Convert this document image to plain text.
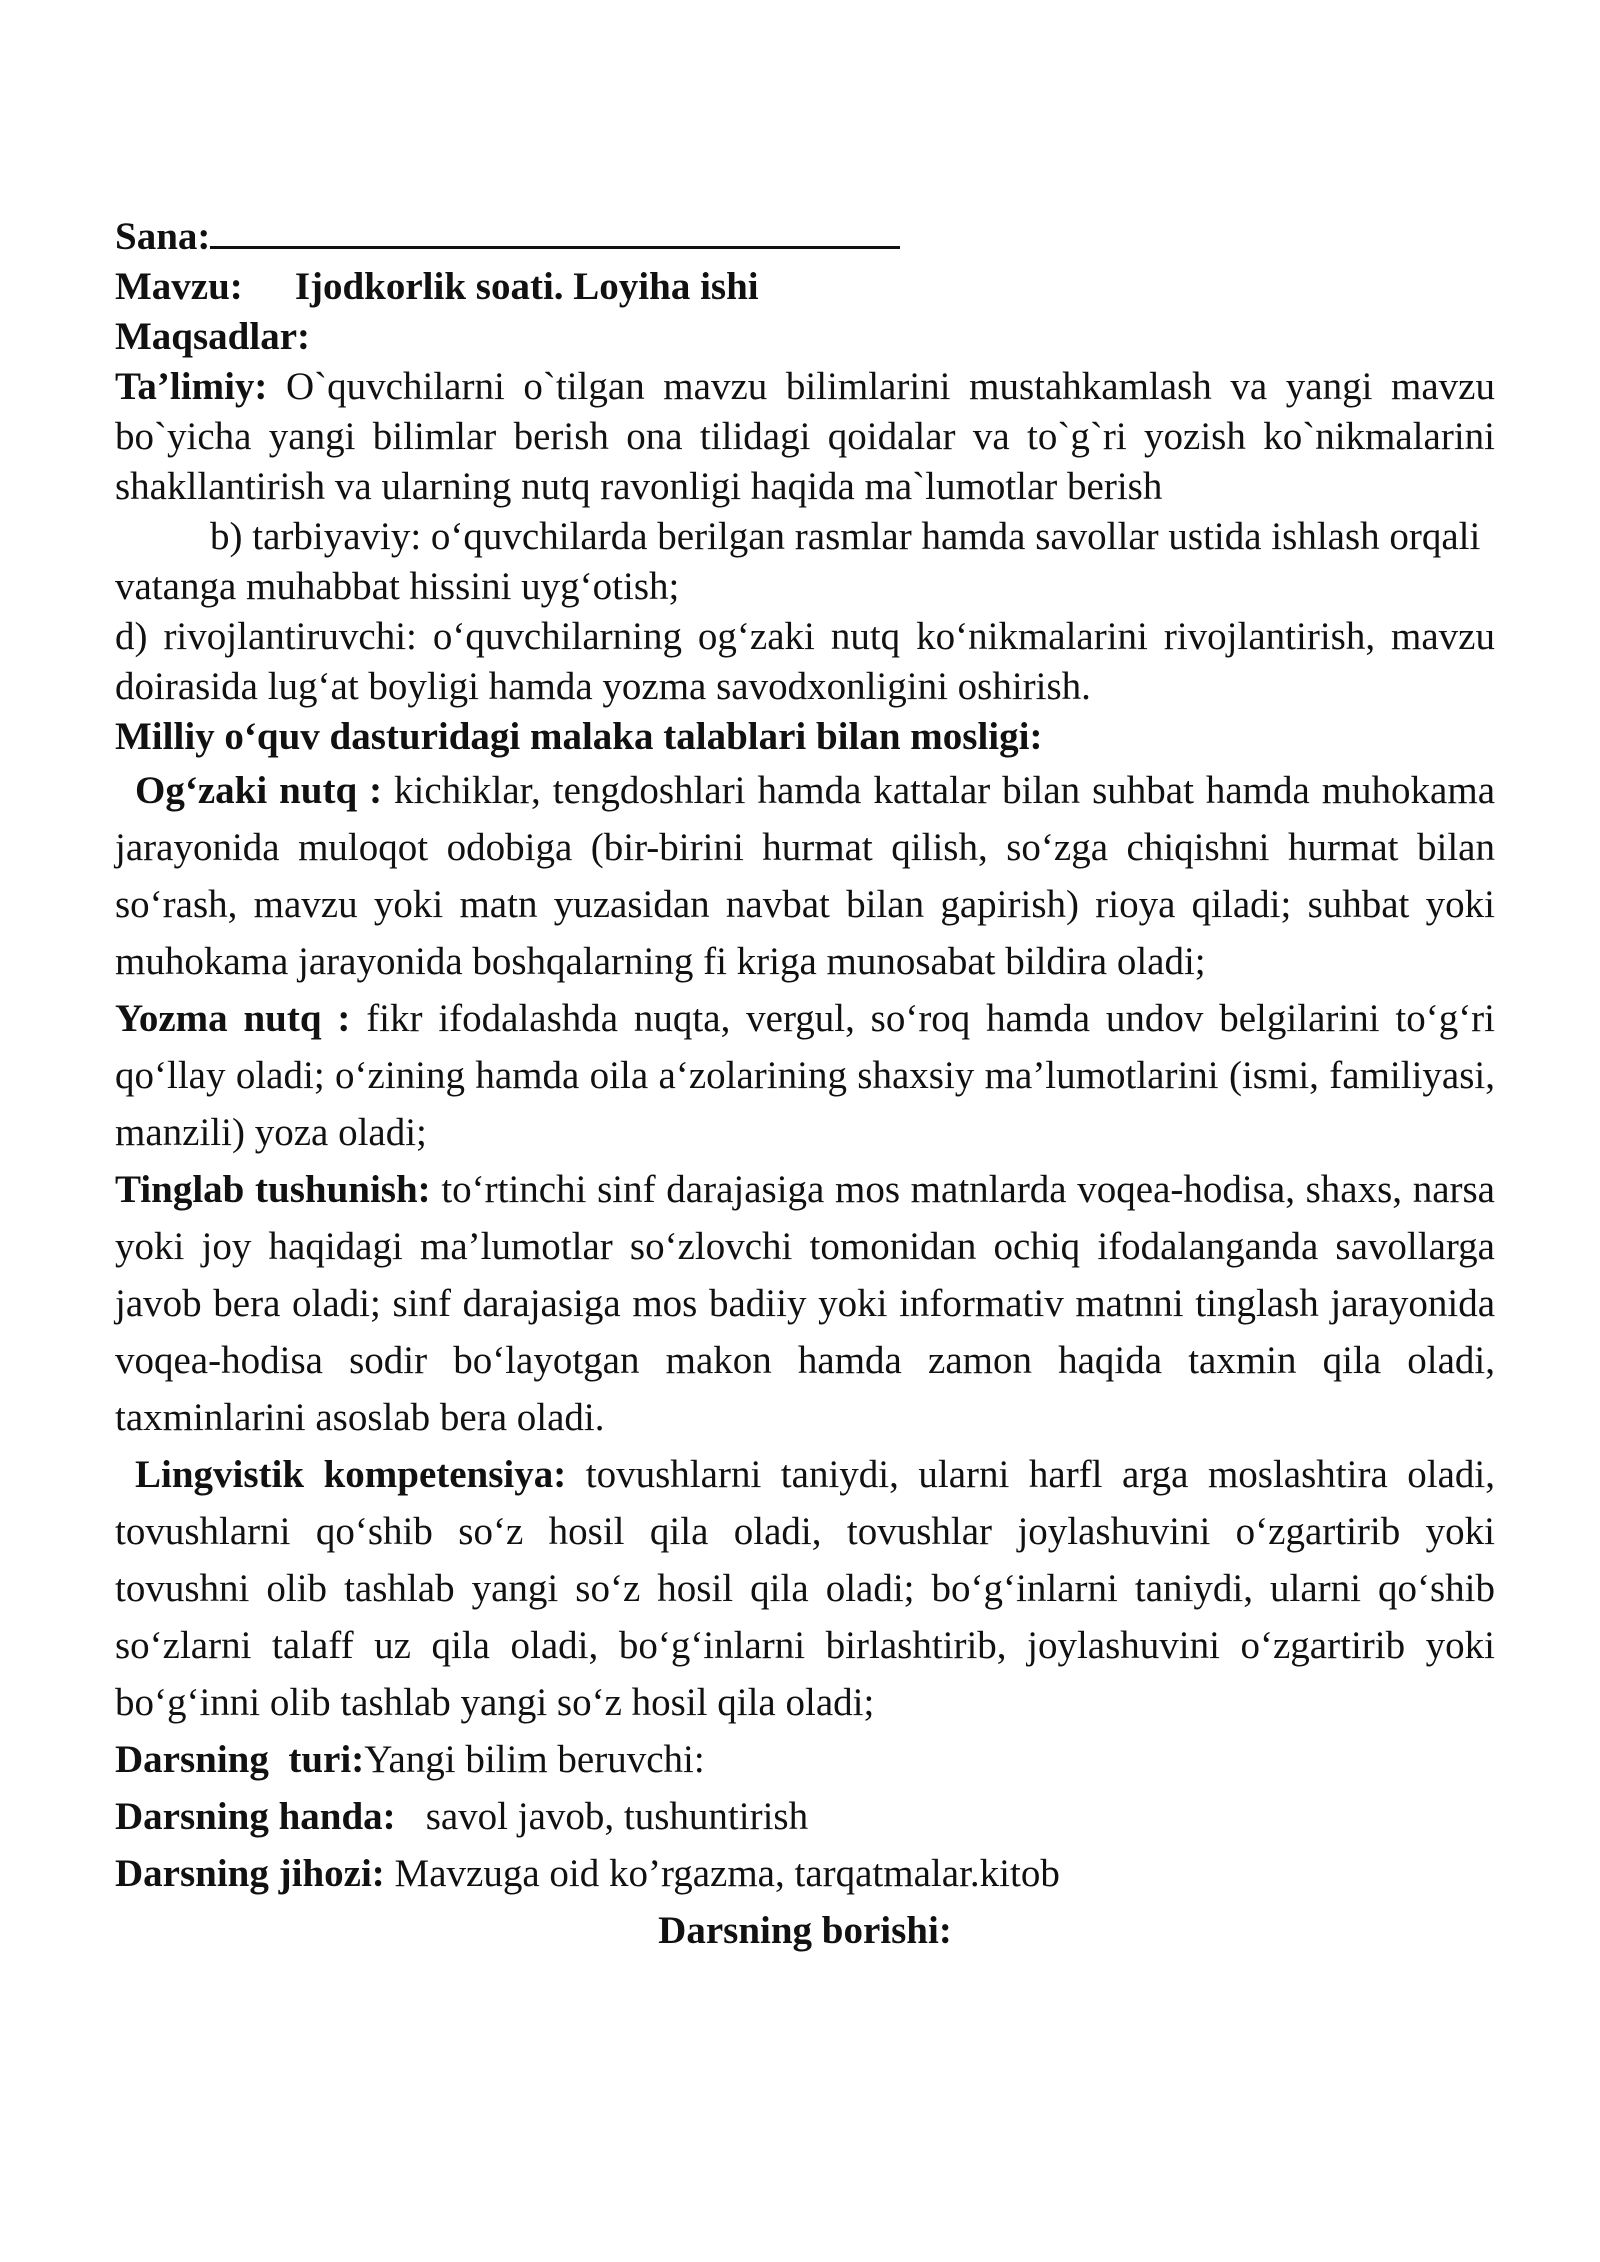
Sana:

Mavzu: Ijodkorlik soati. Loyiha ishi

Maqsadlar:

Ta’limiy: O`quvchilarni o`tilgan mavzu bilimlarini mustahkamlash va yangi mavzu bo`yicha yangi bilimlar berish ona tilidagi qoidalar va to`g`ri yozish ko`nikmalarini shakllantirish va ularning nutq ravonligi haqida ma`lumotlar berish

b) tarbiyaviy: o‘quvchilarda berilgan rasmlar hamda savollar ustida ishlash orqali vatanga muhabbat hissini uyg‘otish;

d) rivojlantiruvchi: o‘quvchilarning og‘zaki nutq ko‘nikmalarini rivojlantirish, mavzu doirasida lug‘at boyligi hamda yozma savodxonligini oshirish.

Milliy o‘quv dasturidagi malaka talablari bilan mosligi:

Og‘zaki nutq : kichiklar, tengdoshlari hamda kattalar bilan suhbat hamda muhokama jarayonida muloqot odobiga (bir-birini hurmat qilish, so‘zga chiqishni hurmat bilan so‘rash, mavzu yoki matn yuzasidan navbat bilan gapirish) rioya qiladi; suhbat yoki muhokama jarayonida boshqalarning fi kriga munosabat bildira oladi;

Yozma nutq : fikr ifodalashda nuqta, vergul, so‘roq hamda undov belgilarini to‘g‘ri qo‘llay oladi; o‘zining hamda oila a‘zolarining shaxsiy ma’lumotlarini (ismi, familiyasi, manzili) yoza oladi;

Tinglab tushunish: to‘rtinchi sinf darajasiga mos matnlarda voqea-hodisa, shaxs, narsa yoki joy haqidagi ma’lumotlar so‘zlovchi tomonidan ochiq ifodalanganda savollarga javob bera oladi; sinf darajasiga mos badiiy yoki informativ matnni tinglash jarayonida voqea-hodisa sodir bo‘layotgan makon hamda zamon haqida taxmin qila oladi, taxminlarini asoslab bera oladi.

Lingvistik kompetensiya: tovushlarni taniydi, ularni harfl arga moslashtira oladi, tovushlarni qo‘shib so‘z hosil qila oladi, tovushlar joylashuvini o‘zgartirib yoki tovushni olib tashlab yangi so‘z hosil qila oladi; bo‘g‘inlarni taniydi, ularni qo‘shib so‘zlarni talaff uz qila oladi, bo‘g‘inlarni birlashtirib, joylashuvini o‘zgartirib yoki bo‘g‘inni olib tashlab yangi so‘z hosil qila oladi;

Darsning  turi:Yangi bilim beruvchi:

Darsning handa: savol javob, tushuntirish

Darsning jihozi: Mavzuga oid ko’rgazma, tarqatmalar.kitob

Darsning borishi:
